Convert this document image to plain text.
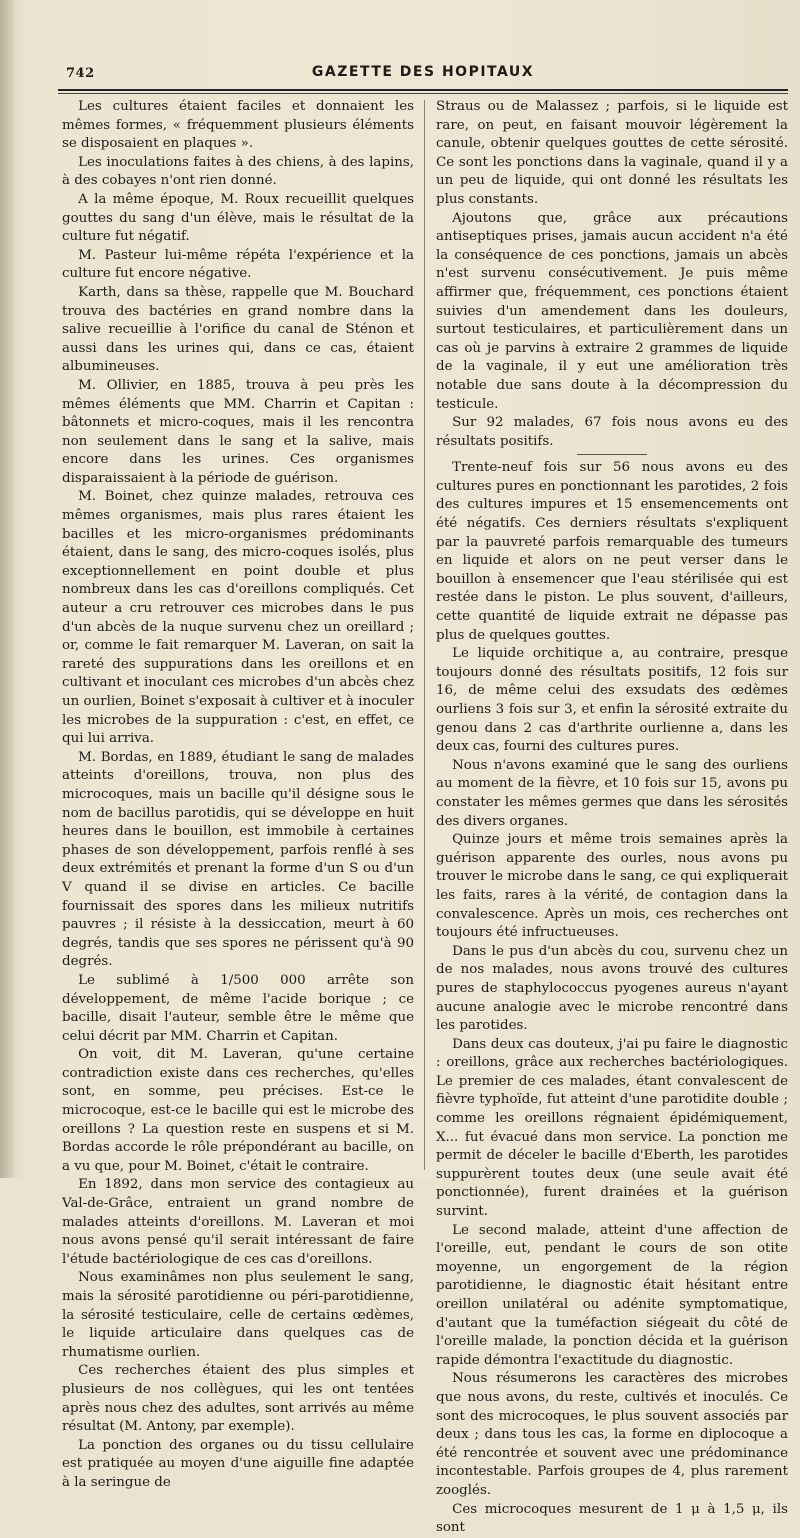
742	GAZETTE DES HOPITAUX

Les cultures étaient faciles et donnaient les mêmes formes, « fréquemment plusieurs éléments se disposaient en plaques ».

Les inoculations faites à des chiens, à des lapins, à des cobayes n'ont rien donné.

A la même époque, M. Roux recueillit quelques gouttes du sang d'un élève, mais le résultat de la culture fut négatif.

M. Pasteur lui-même répéta l'expérience et la culture fut encore négative.

Karth, dans sa thèse, rappelle que M. Bouchard trouva des bactéries en grand nombre dans la salive recueillie à l'orifice du canal de Sténon et aussi dans les urines qui, dans ce cas, étaient albumineuses.

M. Ollivier, en 1885, trouva à peu près les mêmes éléments que MM. Charrin et Capitan : bâtonnets et micro-coques, mais il les rencontra non seulement dans le sang et la salive, mais encore dans les urines. Ces organismes disparaissaient à la période de guérison.

M. Boinet, chez quinze malades, retrouva ces mêmes organismes, mais plus rares étaient les bacilles et les micro-organismes prédominants étaient, dans le sang, des micro-coques isolés, plus exceptionnellement en point double et plus nombreux dans les cas d'oreillons compliqués. Cet auteur a cru retrouver ces microbes dans le pus d'un abcès de la nuque survenu chez un oreillard ; or, comme le fait remarquer M. Laveran, on sait la rareté des suppurations dans les oreillons et en cultivant et inoculant ces microbes d'un abcès chez un ourlien, Boinet s'exposait à cultiver et à inoculer les microbes de la suppuration : c'est, en effet, ce qui lui arriva.

M. Bordas, en 1889, étudiant le sang de malades atteints d'oreillons, trouva, non plus des microcoques, mais un bacille qu'il désigne sous le nom de bacillus parotidis, qui se développe en huit heures dans le bouillon, est immobile à certaines phases de son développement, parfois renflé à ses deux extrémités et prenant la forme d'un S ou d'un V quand il se divise en articles. Ce bacille fournissait des spores dans les milieux nutritifs pauvres ; il résiste à la dessiccation, meurt à 60 degrés, tandis que ses spores ne périssent qu'à 90 degrés.

Le sublimé à 1/500 000 arrête son développement, de même l'acide borique ; ce bacille, disait l'auteur, semble être le même que celui décrit par MM. Charrin et Capitan.

On voit, dit M. Laveran, qu'une certaine contradiction existe dans ces recherches, qu'elles sont, en somme, peu précises. Est-ce le microcoque, est-ce le bacille qui est le microbe des oreillons ? La question reste en suspens et si M. Bordas accorde le rôle prépondérant au bacille, on a vu que, pour M. Boinet, c'était le contraire.

En 1892, dans mon service des contagieux au Val-de-Grâce, entraient un grand nombre de malades atteints d'oreillons. M. Laveran et moi nous avons pensé qu'il serait intéressant de faire l'étude bactériologique de ces cas d'oreillons.

Nous examinâmes non plus seulement le sang, mais la sérosité parotidienne ou péri-parotidienne, la sérosité testiculaire, celle de certains œdèmes, le liquide articulaire dans quelques cas de rhumatisme ourlien.

Ces recherches étaient des plus simples et plusieurs de nos collègues, qui les ont tentées après nous chez des adultes, sont arrivés au même résultat (M. Antony, par exemple).

La ponction des organes ou du tissu cellulaire est pratiquée au moyen d'une aiguille fine adaptée à la seringue de

Straus ou de Malassez ; parfois, si le liquide est rare, on peut, en faisant mouvoir légèrement la canule, obtenir quelques gouttes de cette sérosité. Ce sont les ponctions dans la vaginale, quand il y a un peu de liquide, qui ont donné les résultats les plus constants.

Ajoutons que, grâce aux précautions antiseptiques prises, jamais aucun accident n'a été la conséquence de ces ponctions, jamais un abcès n'est survenu consécutivement. Je puis même affirmer que, fréquemment, ces ponctions étaient suivies d'un amendement dans les douleurs, surtout testiculaires, et particulièrement dans un cas où je parvins à extraire 2 grammes de liquide de la vaginale, il y eut une amélioration très notable due sans doute à la décompression du testicule.

Sur 92 malades, 67 fois nous avons eu des résultats positifs.

Trente-neuf fois sur 56 nous avons eu des cultures pures en ponctionnant les parotides, 2 fois des cultures impures et 15 ensemencements ont été négatifs. Ces derniers résultats s'expliquent par la pauvreté parfois remarquable des tumeurs en liquide et alors on ne peut verser dans le bouillon à ensemencer que l'eau stérilisée qui est restée dans le piston. Le plus souvent, d'ailleurs, cette quantité de liquide extrait ne dépasse pas plus de quelques gouttes.

Le liquide orchitique a, au contraire, presque toujours donné des résultats positifs, 12 fois sur 16, de même celui des exsudats des œdèmes ourliens 3 fois sur 3, et enfin la sérosité extraite du genou dans 2 cas d'arthrite ourlienne a, dans les deux cas, fourni des cultures pures.

Nous n'avons examiné que le sang des ourliens au moment de la fièvre, et 10 fois sur 15, avons pu constater les mêmes germes que dans les sérosités des divers organes.

Quinze jours et même trois semaines après la guérison apparente des ourles, nous avons pu trouver le microbe dans le sang, ce qui expliquerait les faits, rares à la vérité, de contagion dans la convalescence. Après un mois, ces recherches ont toujours été infructueuses.

Dans le pus d'un abcès du cou, survenu chez un de nos malades, nous avons trouvé des cultures pures de staphylococcus pyogenes aureus n'ayant aucune analogie avec le microbe rencontré dans les parotides.

Dans deux cas douteux, j'ai pu faire le diagnostic : oreillons, grâce aux recherches bactériologiques. Le premier de ces malades, étant convalescent de fièvre typhoïde, fut atteint d'une parotidite double ; comme les oreillons régnaient épidémiquement, X... fut évacué dans mon service. La ponction me permit de déceler le bacille d'Eberth, les parotides suppurèrent toutes deux (une seule avait été ponctionnée), furent drainées et la guérison survint.

Le second malade, atteint d'une affection de l'oreille, eut, pendant le cours de son otite moyenne, un engorgement de la région parotidienne, le diagnostic était hésitant entre oreillon unilatéral ou adénite symptomatique, d'autant que la tuméfaction siégeait du côté de l'oreille malade, la ponction décida et la guérison rapide démontra l'exactitude du diagnostic.

Nous résumerons les caractères des microbes que nous avons, du reste, cultivés et inoculés. Ce sont des microcoques, le plus souvent associés par deux ; dans tous les cas, la forme en diplocoque a été rencontrée et souvent avec une prédominance incontestable. Parfois groupes de 4, plus rarement zooglés.

Ces microcoques mesurent de 1 μ à 1,5 μ, ils sont
